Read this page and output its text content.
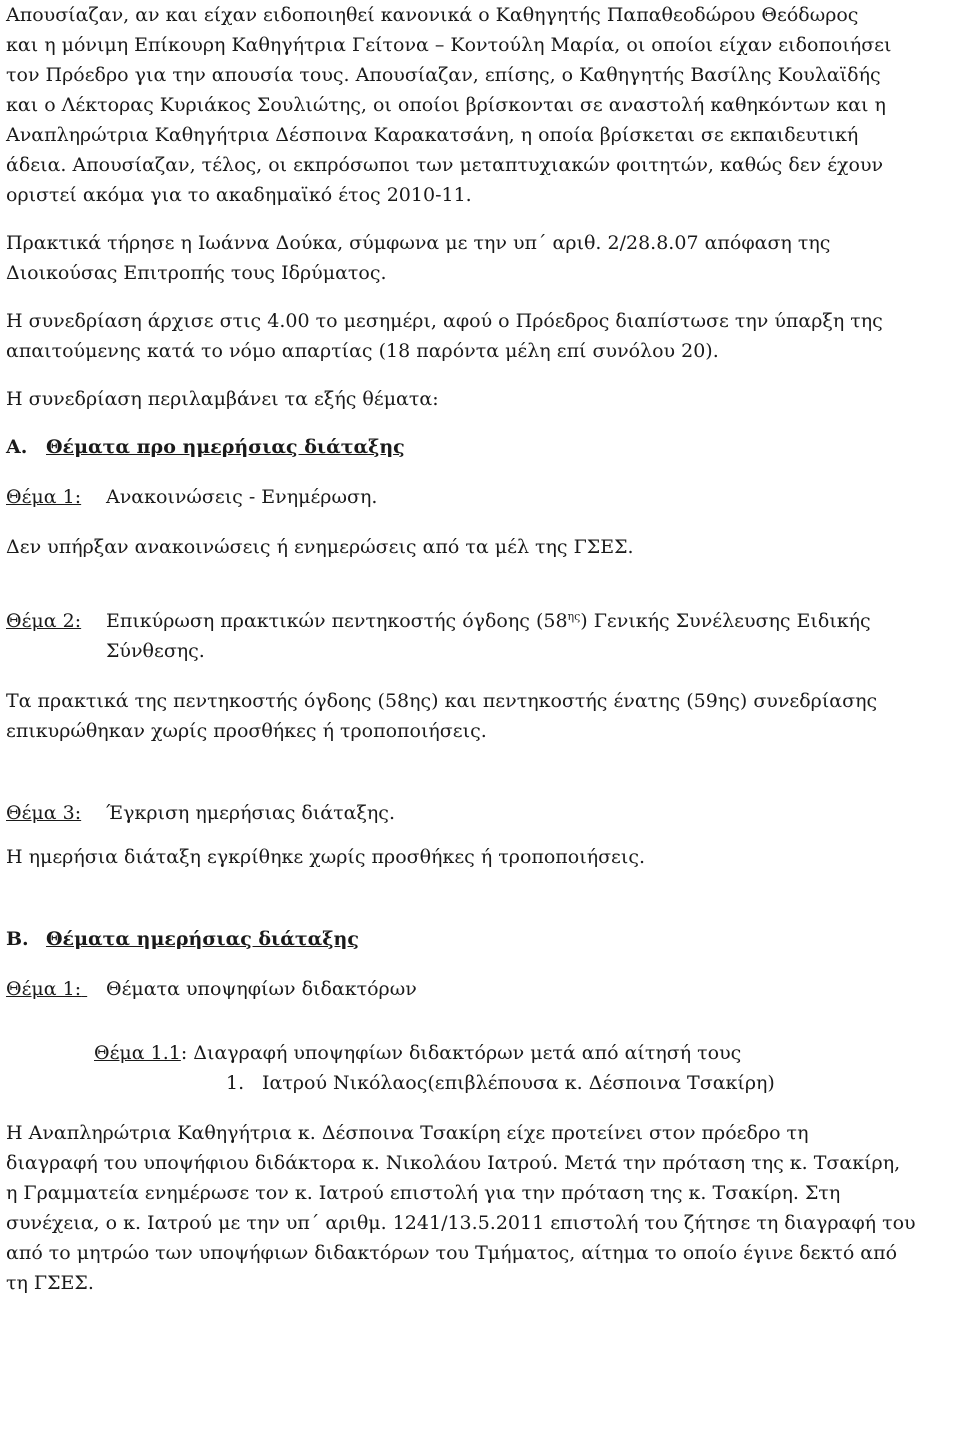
Απουσίαζαν, αν και είχαν ειδοποιηθεί κανονικά ο Καθηγητής Παπαθεοδώρου Θεόδωρος
και η μόνιμη Επίκουρη Καθηγήτρια Γείτονα – Κοντούλη Μαρία, οι οποίοι είχαν ειδοποιήσει
τον Πρόεδρο για την απουσία τους. Απουσίαζαν, επίσης, ο Καθηγητής Βασίλης Κουλαϊδής
και ο Λέκτορας Κυριάκος Σουλιώτης, οι οποίοι βρίσκονται σε αναστολή καθηκόντων και η
Αναπληρώτρια Καθηγήτρια Δέσποινα Καρακατσάνη, η οποία βρίσκεται σε εκπαιδευτική
άδεια. Απουσίαζαν, τέλος, οι εκπρόσωποι των μεταπτυχιακών φοιτητών, καθώς δεν έχουν
οριστεί ακόμα για το ακαδημαϊκό έτος 2010-11.

Πρακτικά τήρησε η Ιωάννα Δούκα, σύμφωνα με την υπ΄ αριθ. 2/28.8.07 απόφαση της
Διοικούσας Επιτροπής τους Ιδρύματος.

Η συνεδρίαση άρχισε στις 4.00 το μεσημέρι, αφού ο Πρόεδρος διαπίστωσε την ύπαρξη της
απαιτούμενης κατά το νόμο απαρτίας (18 παρόντα μέλη επί συνόλου 20).

Η συνεδρίαση περιλαμβάνει τα εξής θέματα:

Α. Θέματα προ ημερήσιας διάταξης

Θέμα 1: Ανακοινώσεις - Ενημέρωση.

Δεν υπήρξαν ανακοινώσεις ή ενημερώσεις από τα μέλ της ΓΣΕΣ.

Θέμα 2: Επικύρωση πρακτικών πεντηκοστής όγδοης $(58^{\eta\varsigma})$ Γενικής Συνέλευσης Ειδικής
Σύνθεσης.

Τα πρακτικά της πεντηκοστής όγδοης (58ης) και πεντηκοστής ένατης (59ης) συνεδρίασης
επικυρώθηκαν χωρίς προσθήκες ή τροποποιήσεις.

Θέμα 3: Έγκριση ημερήσιας διάταξης.

Η ημερήσια διάταξη εγκρίθηκε χωρίς προσθήκες ή τροποποιήσεις.

Β. Θέματα ημερήσιας διάταξης

Θέμα 1:	Θέματα υποψηφίων διδακτόρων

Θέμα 1.1: Διαγραφή υποψηφίων διδακτόρων μετά από αίτησή τους

1. Ιατρού Νικόλαος(επιβλέπουσα κ. Δέσποινα Τσακίρη)

Η Αναπληρώτρια Καθηγήτρια κ. Δέσποινα Τσακίρη είχε προτείνει στον πρόεδρο τη
διαγραφή του υποψήφιου διδάκτορα κ. Νικολάου Ιατρού. Μετά την πρόταση της κ. Τσακίρη,
η Γραμματεία ενημέρωσε τον κ. Ιατρού επιστολή για την πρόταση της κ. Τσακίρη. Στη
συνέχεια, ο κ. Ιατρού με την υπ΄ αριθμ. 1241/13.5.2011 επιστολή του ζήτησε τη διαγραφή του
από το μητρώο των υποψήφιων διδακτόρων του Τμήματος, αίτημα το οποίο έγινε δεκτό από
τη ΓΣΕΣ.
